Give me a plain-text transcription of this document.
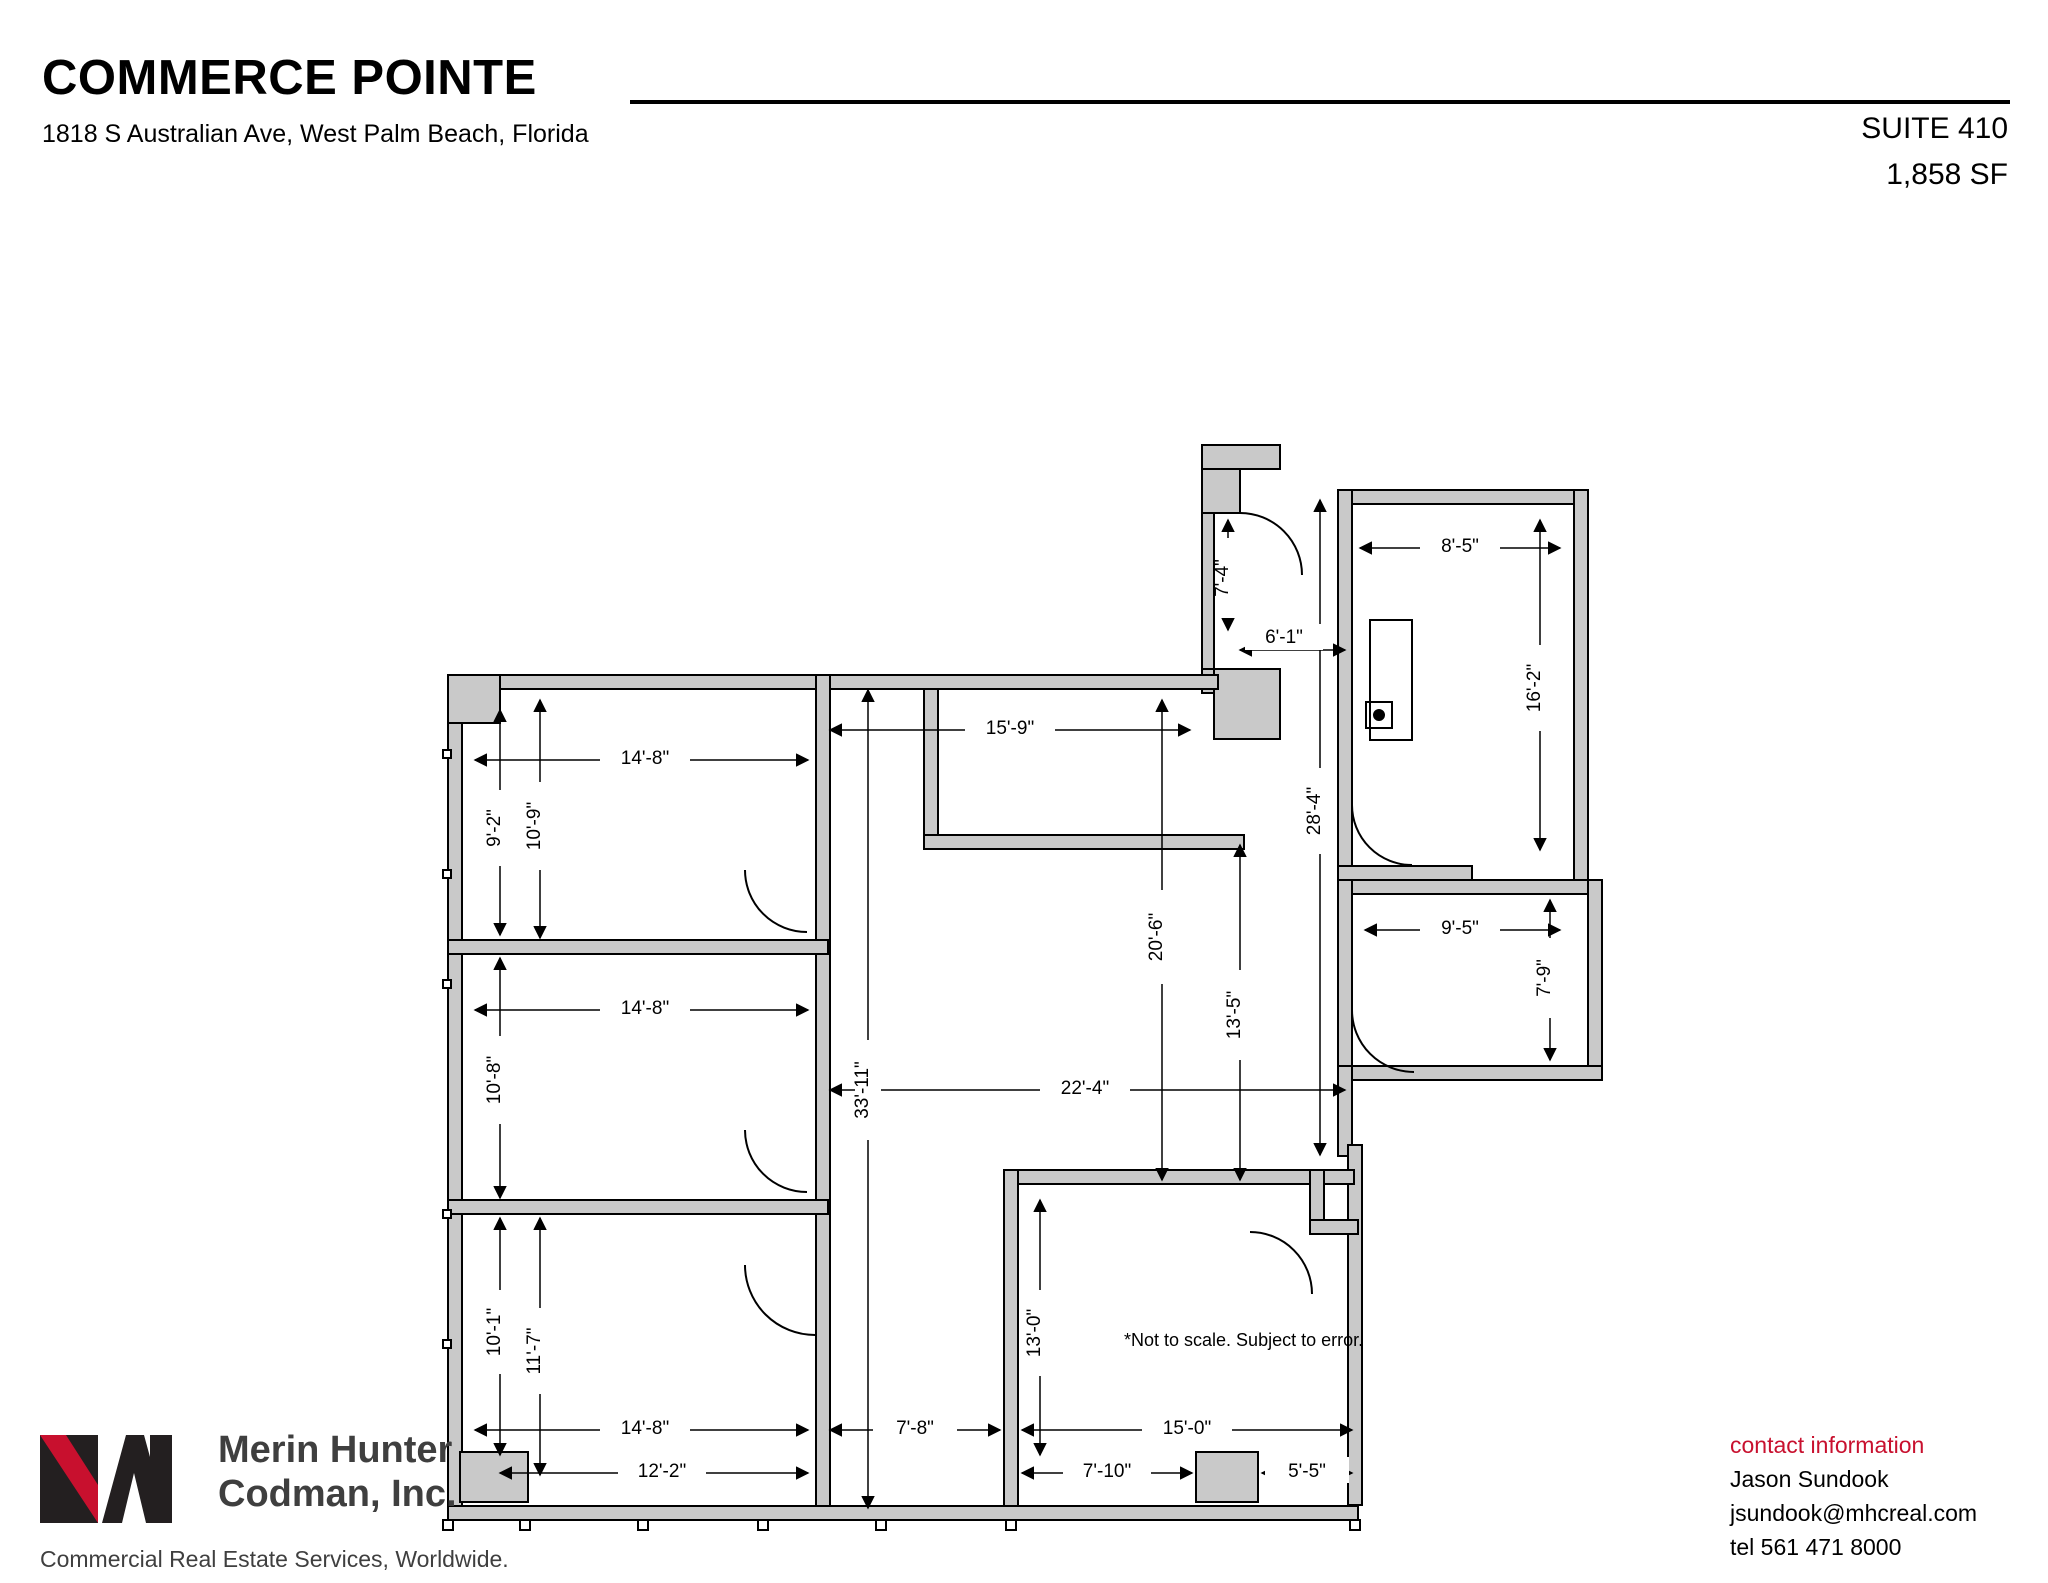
COMMERCE POINTE
1818 S Australian Ave, West Palm Beach, Florida	SUITE 410
1,858 SF
8'-5"
16'-2"
7'-4"
6'-1"
28'-4"
9'-5"
7'-9"
15'-9"
14'-8"
14'-8"
14'-8"
12'-2"
9'-2" 10'-9"
10'-8"
10'-1" 11'-7"
33'-11"
20'-6"
13'-5"
22'-4"
13'-0"
7'-8"	15'-0"
7'-10"	5'-5"
*Not to scale. Subject to error.
Merin Hunter
Codman, Inc.
Commercial Real Estate Services, Worldwide.
contact information
Jason Sundook
jsundook@mhcreal.com
tel 561 471 8000
